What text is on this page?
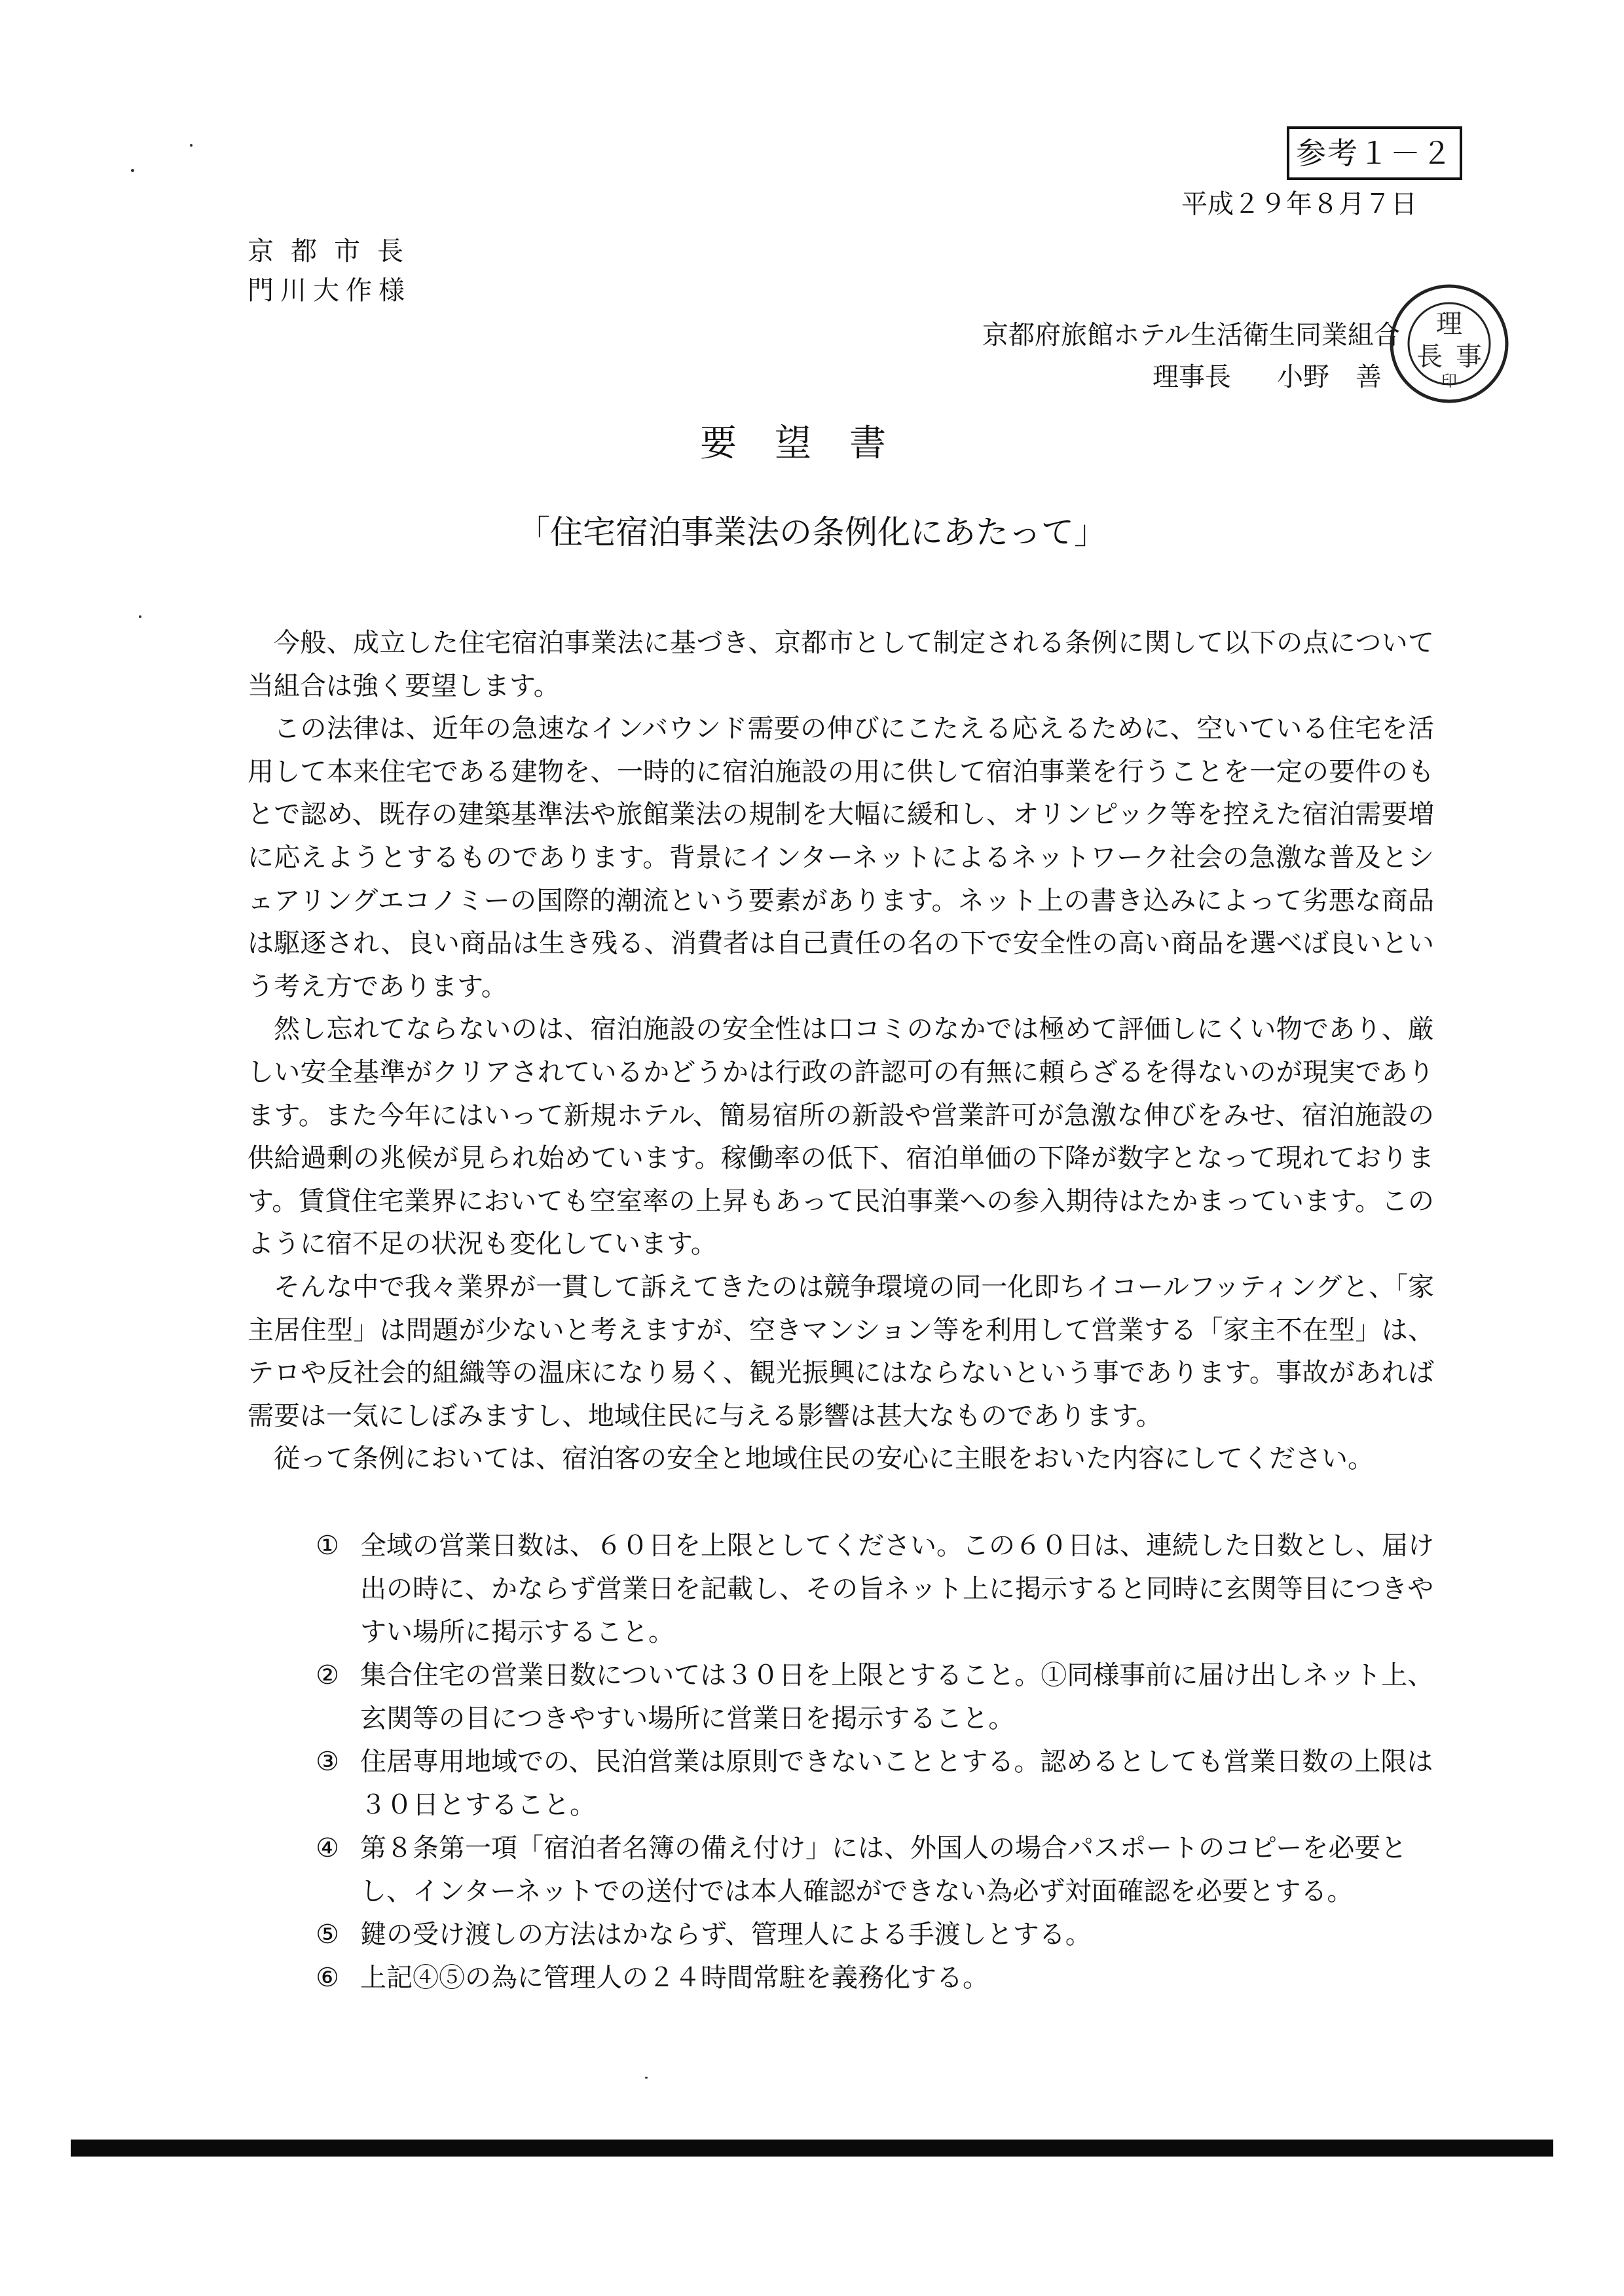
参考１－２
平成２９年８月７日
京都市長
門川大作様
京都府旅館ホテル生活衛生同業組合
理事長 小野　善
理
事
長
印
要望書
「住宅宿泊事業法の条例化にあたって」

今般、成立した住宅宿泊事業法に基づき、京都市として制定される条例に関して以下の点について当組合は強く要望します。

この法律は、近年の急速なインバウンド需要の伸びにこたえる応えるために、空いている住宅を活用して本来住宅である建物を、一時的に宿泊施設の用に供して宿泊事業を行うことを一定の要件のもとで認め、既存の建築基準法や旅館業法の規制を大幅に緩和し、オリンピック等を控えた宿泊需要増に応えようとするものであります。背景にインターネットによるネットワーク社会の急激な普及とシェアリングエコノミーの国際的潮流という要素があります。ネット上の書き込みによって劣悪な商品は駆逐され、良い商品は生き残る、消費者は自己責任の名の下で安全性の高い商品を選べば良いという考え方であります。

然し忘れてならないのは、宿泊施設の安全性は口コミのなかでは極めて評価しにくい物であり、厳しい安全基準がクリアされているかどうかは行政の許認可の有無に頼らざるを得ないのが現実であります。また今年にはいって新規ホテル、簡易宿所の新設や営業許可が急激な伸びをみせ、宿泊施設の供給過剰の兆候が見られ始めています。稼働率の低下、宿泊単価の下降が数字となって現れております。賃貸住宅業界においても空室率の上昇もあって民泊事業への参入期待はたかまっています。このように宿不足の状況も変化しています。

そんな中で我々業界が一貫して訴えてきたのは競争環境の同一化即ちイコールフッティングと、「家主居住型」は問題が少ないと考えますが、空きマンション等を利用して営業する「家主不在型」は、テロや反社会的組織等の温床になり易く、観光振興にはならないという事であります。事故があれば需要は一気にしぼみますし、地域住民に与える影響は甚大なものであります。

従って条例においては、宿泊客の安全と地域住民の安心に主眼をおいた内容にしてください。

① 全域の営業日数は、６０日を上限としてください。この６０日は、連続した日数とし、届け出の時に、かならず営業日を記載し、その旨ネット上に掲示すると同時に玄関等目につきやすい場所に掲示すること。
② 集合住宅の営業日数については３０日を上限とすること。①同様事前に届け出しネット上、玄関等の目につきやすい場所に営業日を掲示すること。
③ 住居専用地域での、民泊営業は原則できないこととする。認めるとしても営業日数の上限は３０日とすること。
④ 第８条第一項「宿泊者名簿の備え付け」には、外国人の場合パスポートのコピーを必要とし、インターネットでの送付では本人確認ができない為必ず対面確認を必要とする。
⑤ 鍵の受け渡しの方法はかならず、管理人による手渡しとする。
⑥ 上記④⑤の為に管理人の２４時間常駐を義務化する。
